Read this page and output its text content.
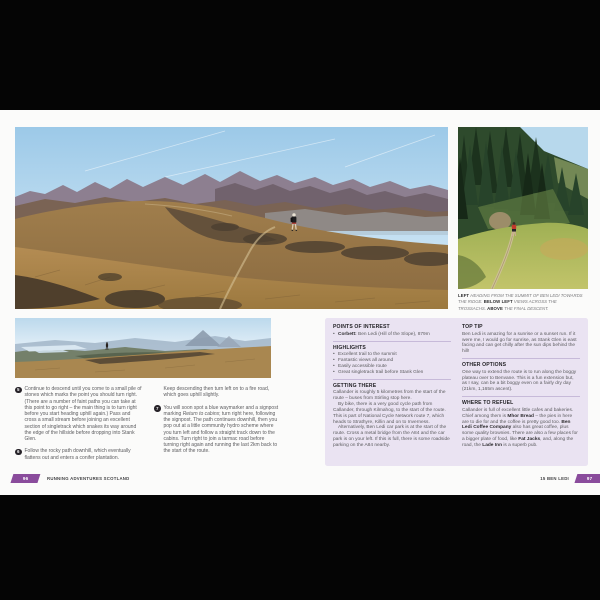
LEFT HEADING FROM THE SUMMIT OF BEN LEDI TOWARDS THE RIDGE. BELOW LEFT VIEWS ACROSS THE TROSSACHS. ABOVE THE FINAL DESCENT.
5	Continue to descend until you come to a small pile of stones which marks the point you should turn right. (There are a number of faint paths you can take at this point to go right – the main thing is to turn right before you start heading uphill again.) Pass and cross a small stream before joining an excellent section of singletrack which snakes its way around the edge of the hillside before dropping into Stank Glen.
6	Follow the rocky path downhill, which eventually flattens out and enters a conifer plantation.
Keep descending then turn left on to a fire road, which goes uphill slightly.
7	You will soon spot a blue waymarker and a signpost marking Return to cabins; turn right here, following the signpost. The path continues downhill, then you pop out at a little community hydro scheme where you turn left and follow a straight track down to the cabins. Turn right to join a tarmac road before turning right again and running the last 2km back to the start of the route.
POINTS OF INTEREST
• Corbett: Ben Ledi (Hill of the Slope), 879m
HIGHLIGHTS
• Excellent trail to the summit
• Fantastic views all around
• Easily accessible route
• Great singletrack trail before Stank Glen
GETTING THERE
Callander is roughly 5 kilometres from the start of the route – buses from Stirling stop here.
By bike, there is a very good cycle path from Callander, through Kilmahog, to the start of the route. This is part of National Cycle Network route 7, which heads to Strathyre, Killin and on to Inverness.
Alternatively, Ben Ledi car park is at the start of the route. Cross a metal bridge from the A84 and the car park is on your left. If this is full, there is some roadside parking on the A84 nearby.
TOP TIP
Ben Ledi is amazing for a sunrise or a sunset run. If it were me, I would go for sunrise, as Stank Glen is east facing and can get chilly after the sun dips behind the hill!
OTHER OPTIONS
One way to extend the route is to run along the boggy plateau over to Benvane. This is a fun extension but, as I say, can be a bit boggy even on a fairly dry day (21km, 1,165m ascent).
WHERE TO REFUEL
Callander is full of excellent little cafes and bakeries. Chief among them is Mhor Bread – the pies in here are to die for and the coffee is pretty good too. Ben Ledi Coffee Company also has great coffee, plus some quality brownies. There are also a few places for a bigger plate of food, like Fat Jacks, and, along the road, the Lade Inn is a superb pub.
96	RUNNING ADVENTURES SCOTLAND	15 BEN LEDI	97
